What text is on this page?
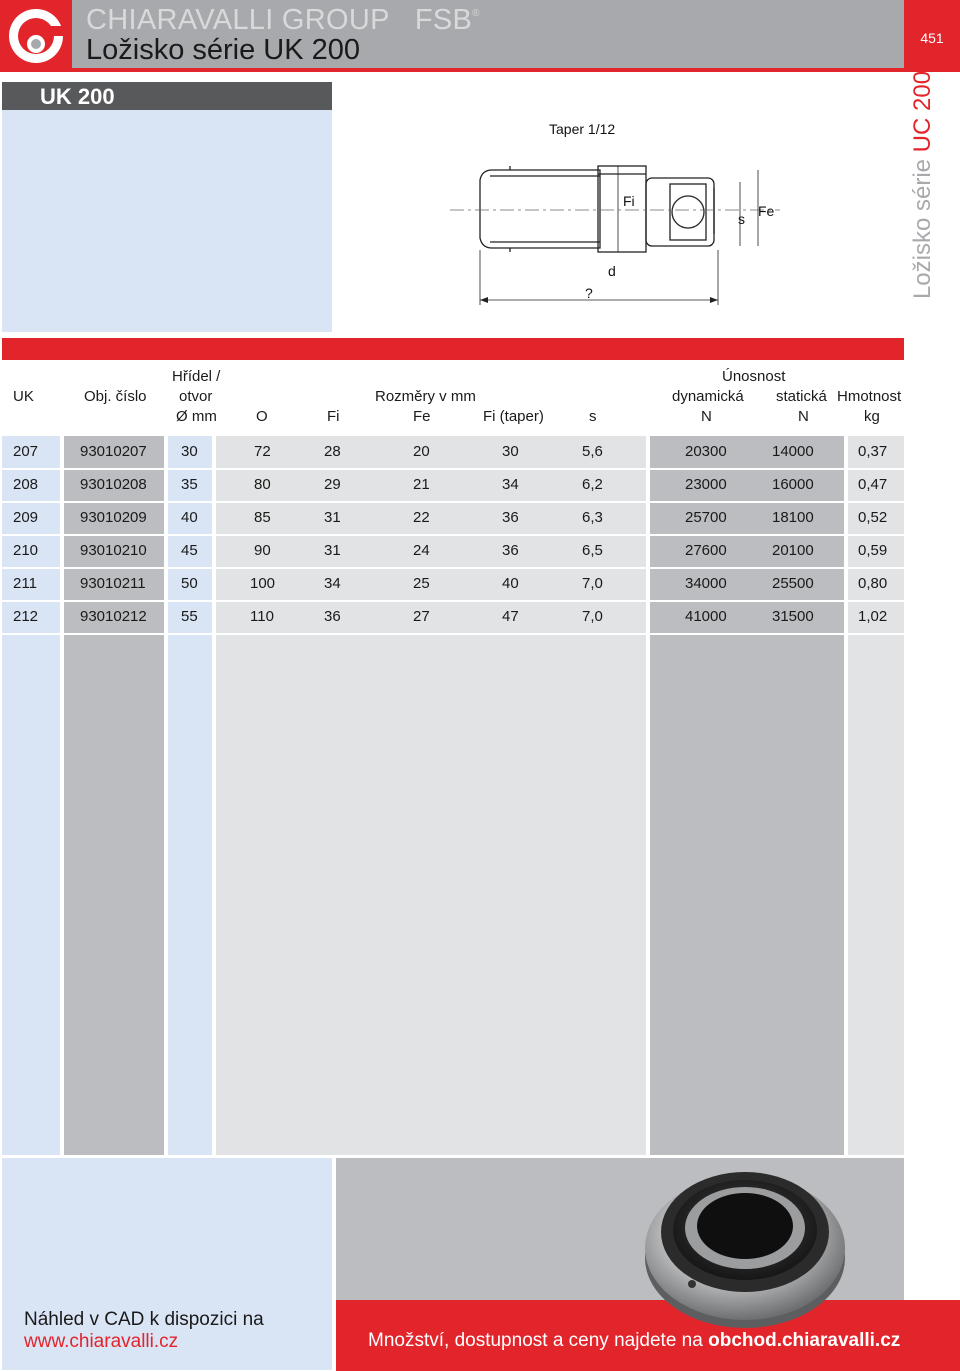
CHIARAVALLI GROUP FSB®
Ložisko série UK 200	451
Ložisko série UC 200
UK 200
Taper 1/12
Fi
s Fe
d
?
Hřídel /	Únosnost
UK	Obj. číslo otvor	Rozměry v mm	dynamická statická Hmotnost
Ø mm	O	Fi	Fe	Fi (taper)	s	N	N	kg
207	93010207 30	72	28	20	30	5,6	20300	14000	0,37
208	93010208 35	80	29	21	34	6,2	23000	16000	0,47
209	93010209 40	85	31	22	36	6,3	25700	18100	0,52
210	93010210 45	90	31	24	36	6,5	27600	20100	0,59
211	93010211 50	100	34	25	40	7,0	34000	25500	0,80
212	93010212 55	110	36	27	47	7,0	41000	31500	1,02
Náhled v CAD k dispozici na
www.chiaravalli.cz	Množství, dostupnost a ceny najdete na obchod.chiaravalli.cz
